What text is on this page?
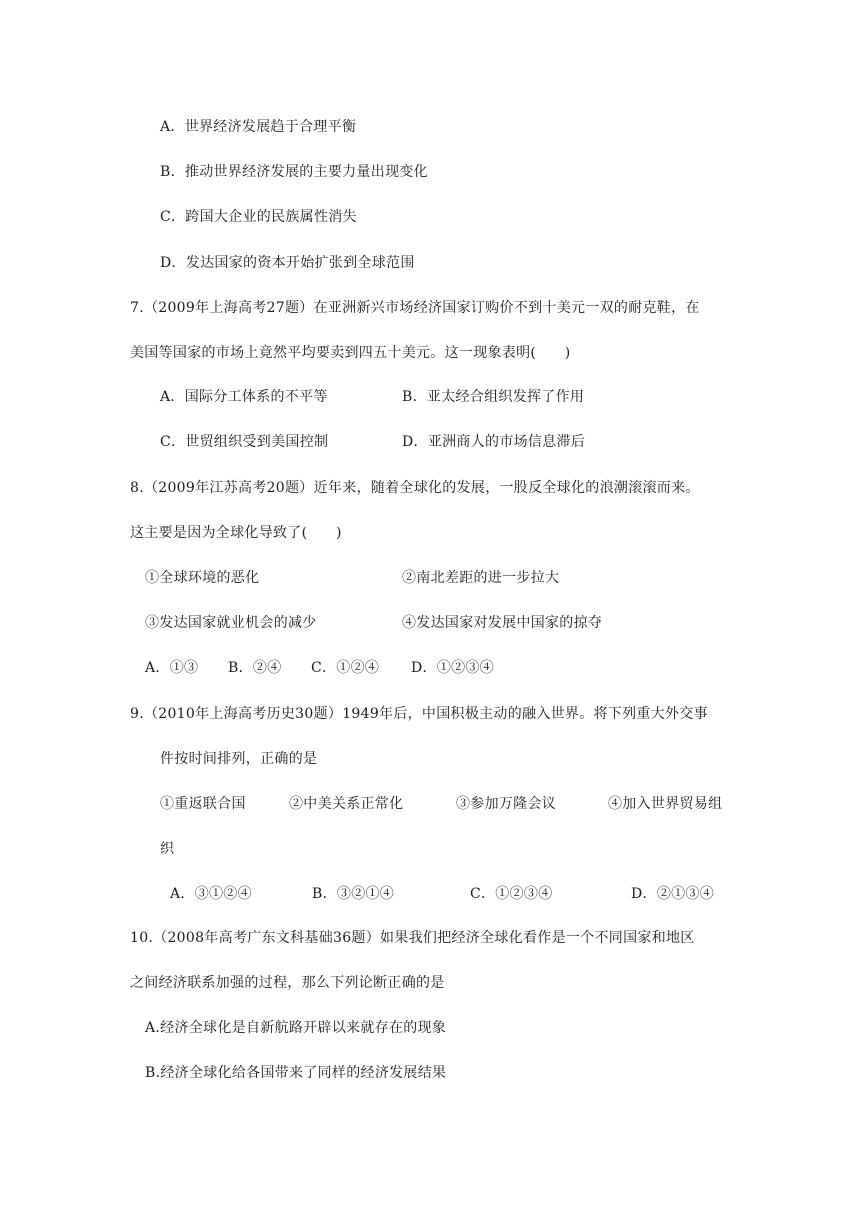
A．世界经济发展趋于合理平衡
B．推动世界经济发展的主要力量出现变化
C．跨国大企业的民族属性消失
D．发达国家的资本开始扩张到全球范围
7.（2009年上海高考27题）在亚洲新兴市场经济国家订购价不到十美元一双的耐克鞋，在
美国等国家的市场上竟然平均要卖到四五十美元。这一现象表明(　　)
A．国际分工体系的不平等	B．亚太经合组织发挥了作用
C．世贸组织受到美国控制	D．亚洲商人的市场信息滞后
8.（2009年江苏高考20题）近年来，随着全球化的发展，一股反全球化的浪潮滚滚而来。
这主要是因为全球化导致了(　　)
①全球环境的恶化	②南北差距的进一步拉大
③发达国家就业机会的减少	④发达国家对发展中国家的掠夺
A．①③ B．②④ C．①②④ D．①②③④
9.（2010年上海高考历史30题）1949年后，中国积极主动的融入世界。将下列重大外交事
件按时间排列，正确的是
①重返联合国	②中美关系正常化	③参加万隆会议	④加入世界贸易组
织
A．③①②④	B．③②①④	C．①②③④	D．②①③④
10.（2008年高考广东文科基础36题）如果我们把经济全球化看作是一个不同国家和地区
之间经济联系加强的过程，那么下列论断正确的是
A.经济全球化是自新航路开辟以来就存在的现象
B.经济全球化给各国带来了同样的经济发展结果
